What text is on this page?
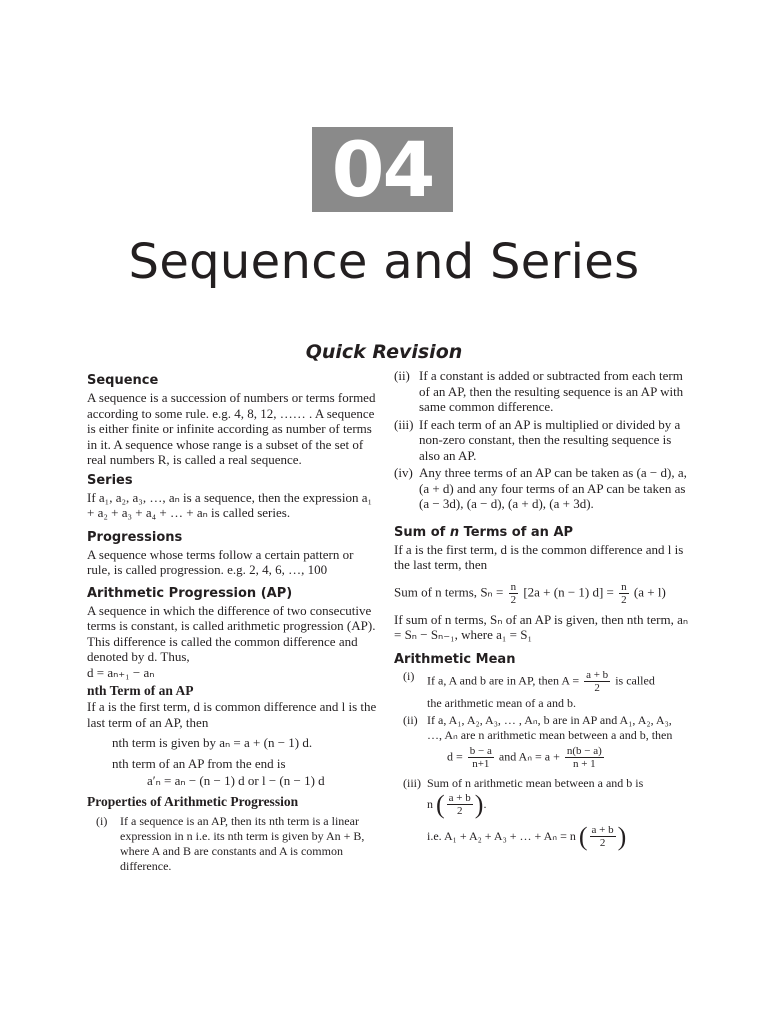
04
Sequence and Series
Quick Revision
Sequence

A sequence is a succession of numbers or terms formed according to some rule. e.g. 4, 8, 12, …… . A sequence is either finite or infinite according as number of terms in it. A sequence whose range is a subset of the set of real numbers R, is called a real sequence.

Series

If a₁, a₂, a₃, …, aₙ is a sequence, then the expression a₁ + a₂ + a₃ + a₄ + … + aₙ is called series.

Progressions

A sequence whose terms follow a certain pattern or rule, is called progression. e.g. 2, 4, 6, …, 100

Arithmetic Progression (AP)

A sequence in which the difference of two consecutive terms is constant, is called arithmetic progression (AP). This difference is called the common difference and denoted by d. Thus,

d = aₙ₊₁ − aₙ

nth Term of an AP

If a is the first term, d is common difference and l is the last term of an AP, then

nth term is given by aₙ = a + (n − 1) d.

nth term of an AP from the end is

a′ₙ = aₙ − (n − 1) d or l − (n − 1) d

Properties of Arithmetic Progression
(i) If a sequence is an AP, then its nth term is a linear expression in n i.e. its nth term is given by An + B, where A and B are constants and A is common difference.
(ii) If a constant is added or subtracted from each term of an AP, then the resulting sequence is an AP with same common difference.
(iii) If each term of an AP is multiplied or divided by a non-zero constant, then the resulting sequence is also an AP.
(iv) Any three terms of an AP can be taken as (a − d), a, (a + d) and any four terms of an AP can be taken as (a − 3d), (a − d), (a + d), (a + 3d).
Sum of n Terms of an AP

If a is the first term, d is the common difference and l is the last term, then

Sum of n terms, $S_n = \frac{n}{2} [2a + (n - 1) d] = \frac{n}{2} (a + l)$

If sum of n terms, Sₙ of an AP is given, then nth term, aₙ = Sₙ − Sₙ₋₁, where a₁ = S₁

Arithmetic Mean
(i) If a, A and b are in AP, then $A = \frac{a + b}{2}$ is called
the arithmetic mean of a and b.
(ii) If a, A₁, A₂, A₃, … , Aₙ, b are in AP and A₁, A₂, A₃, …, Aₙ are n arithmetic mean between a and b, then
$d = \frac{b - a}{n+1}$ and $A_n = a + \frac{n(b - a)}{n + 1}$
(iii) Sum of n arithmetic mean between a and b is
n ( $\frac{a + b}{2}$ ).
i.e. A₁ + A₂ + A₃ + … + Aₙ = n ( $\frac{a + b}{2}$ )
